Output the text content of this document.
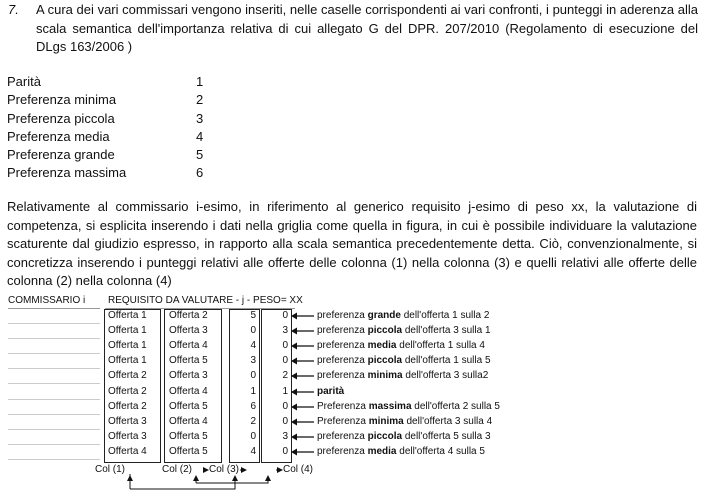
7. A cura dei vari commissari vengono inseriti, nelle caselle corrispondenti ai vari confronti, i punteggi in aderenza alla scala semantica dell'importanza relativa di cui allegato G del DPR. 207/2010 (Regolamento di esecuzione del DLgs 163/2006 )
Parità	1
Preferenza minima	2
Preferenza piccola	3
Preferenza media	4
Preferenza grande	5
Preferenza massima	6
Relativamente al commissario i-esimo, in riferimento al generico requisito j-esimo di peso xx, la valutazione di competenza, si esplicita inserendo i dati nella griglia come quella in figura, in cui è possibile individuare la valutazione scaturente dal giudizio espresso, in rapporto alla scala semantica precedentemente detta. Ciò, convenzionalmente, si concretizza inserendo i punteggi relativi alle offerte delle colonna (1) nella colonna (3) e quelli relativi alle offerte delle colonna (2) nella colonna (4)
COMMISSARIO i REQUISITO DA VALUTARE - j - PESO= XX
Offerta 1	Offerta 2	5	0	preferenza grande dell'offerta 1 sulla 2
Offerta 1	Offerta 3	0	3	preferenza piccola dell'offerta 3 sulla 1
Offerta 1	Offerta 4	4	0	preferenza media dell'offerta 1 sulla 4
Offerta 1	Offerta 5	3	0	preferenza piccola dell'offerta 1 sulla 5
Offerta 2	Offerta 3	0	2	preferenza minima dell'offerta 3 sulla2
Offerta 2	Offerta 4	1	1	parità
Offerta 2	Offerta 5	6	0	Preferenza massima dell'offerta 2 sulla 5
Offerta 3	Offerta 4	2	0	Preferenza minima dell'offerta 3 sulla 4
Offerta 3	Offerta 5	0	3	preferenza piccola dell'offerta 5 sulla 3
Offerta 4	Offerta 5	4	0	preferenza media dell'offerta 4 sulla 5
Col (1)	Col (2) Col (3)	Col (4)
